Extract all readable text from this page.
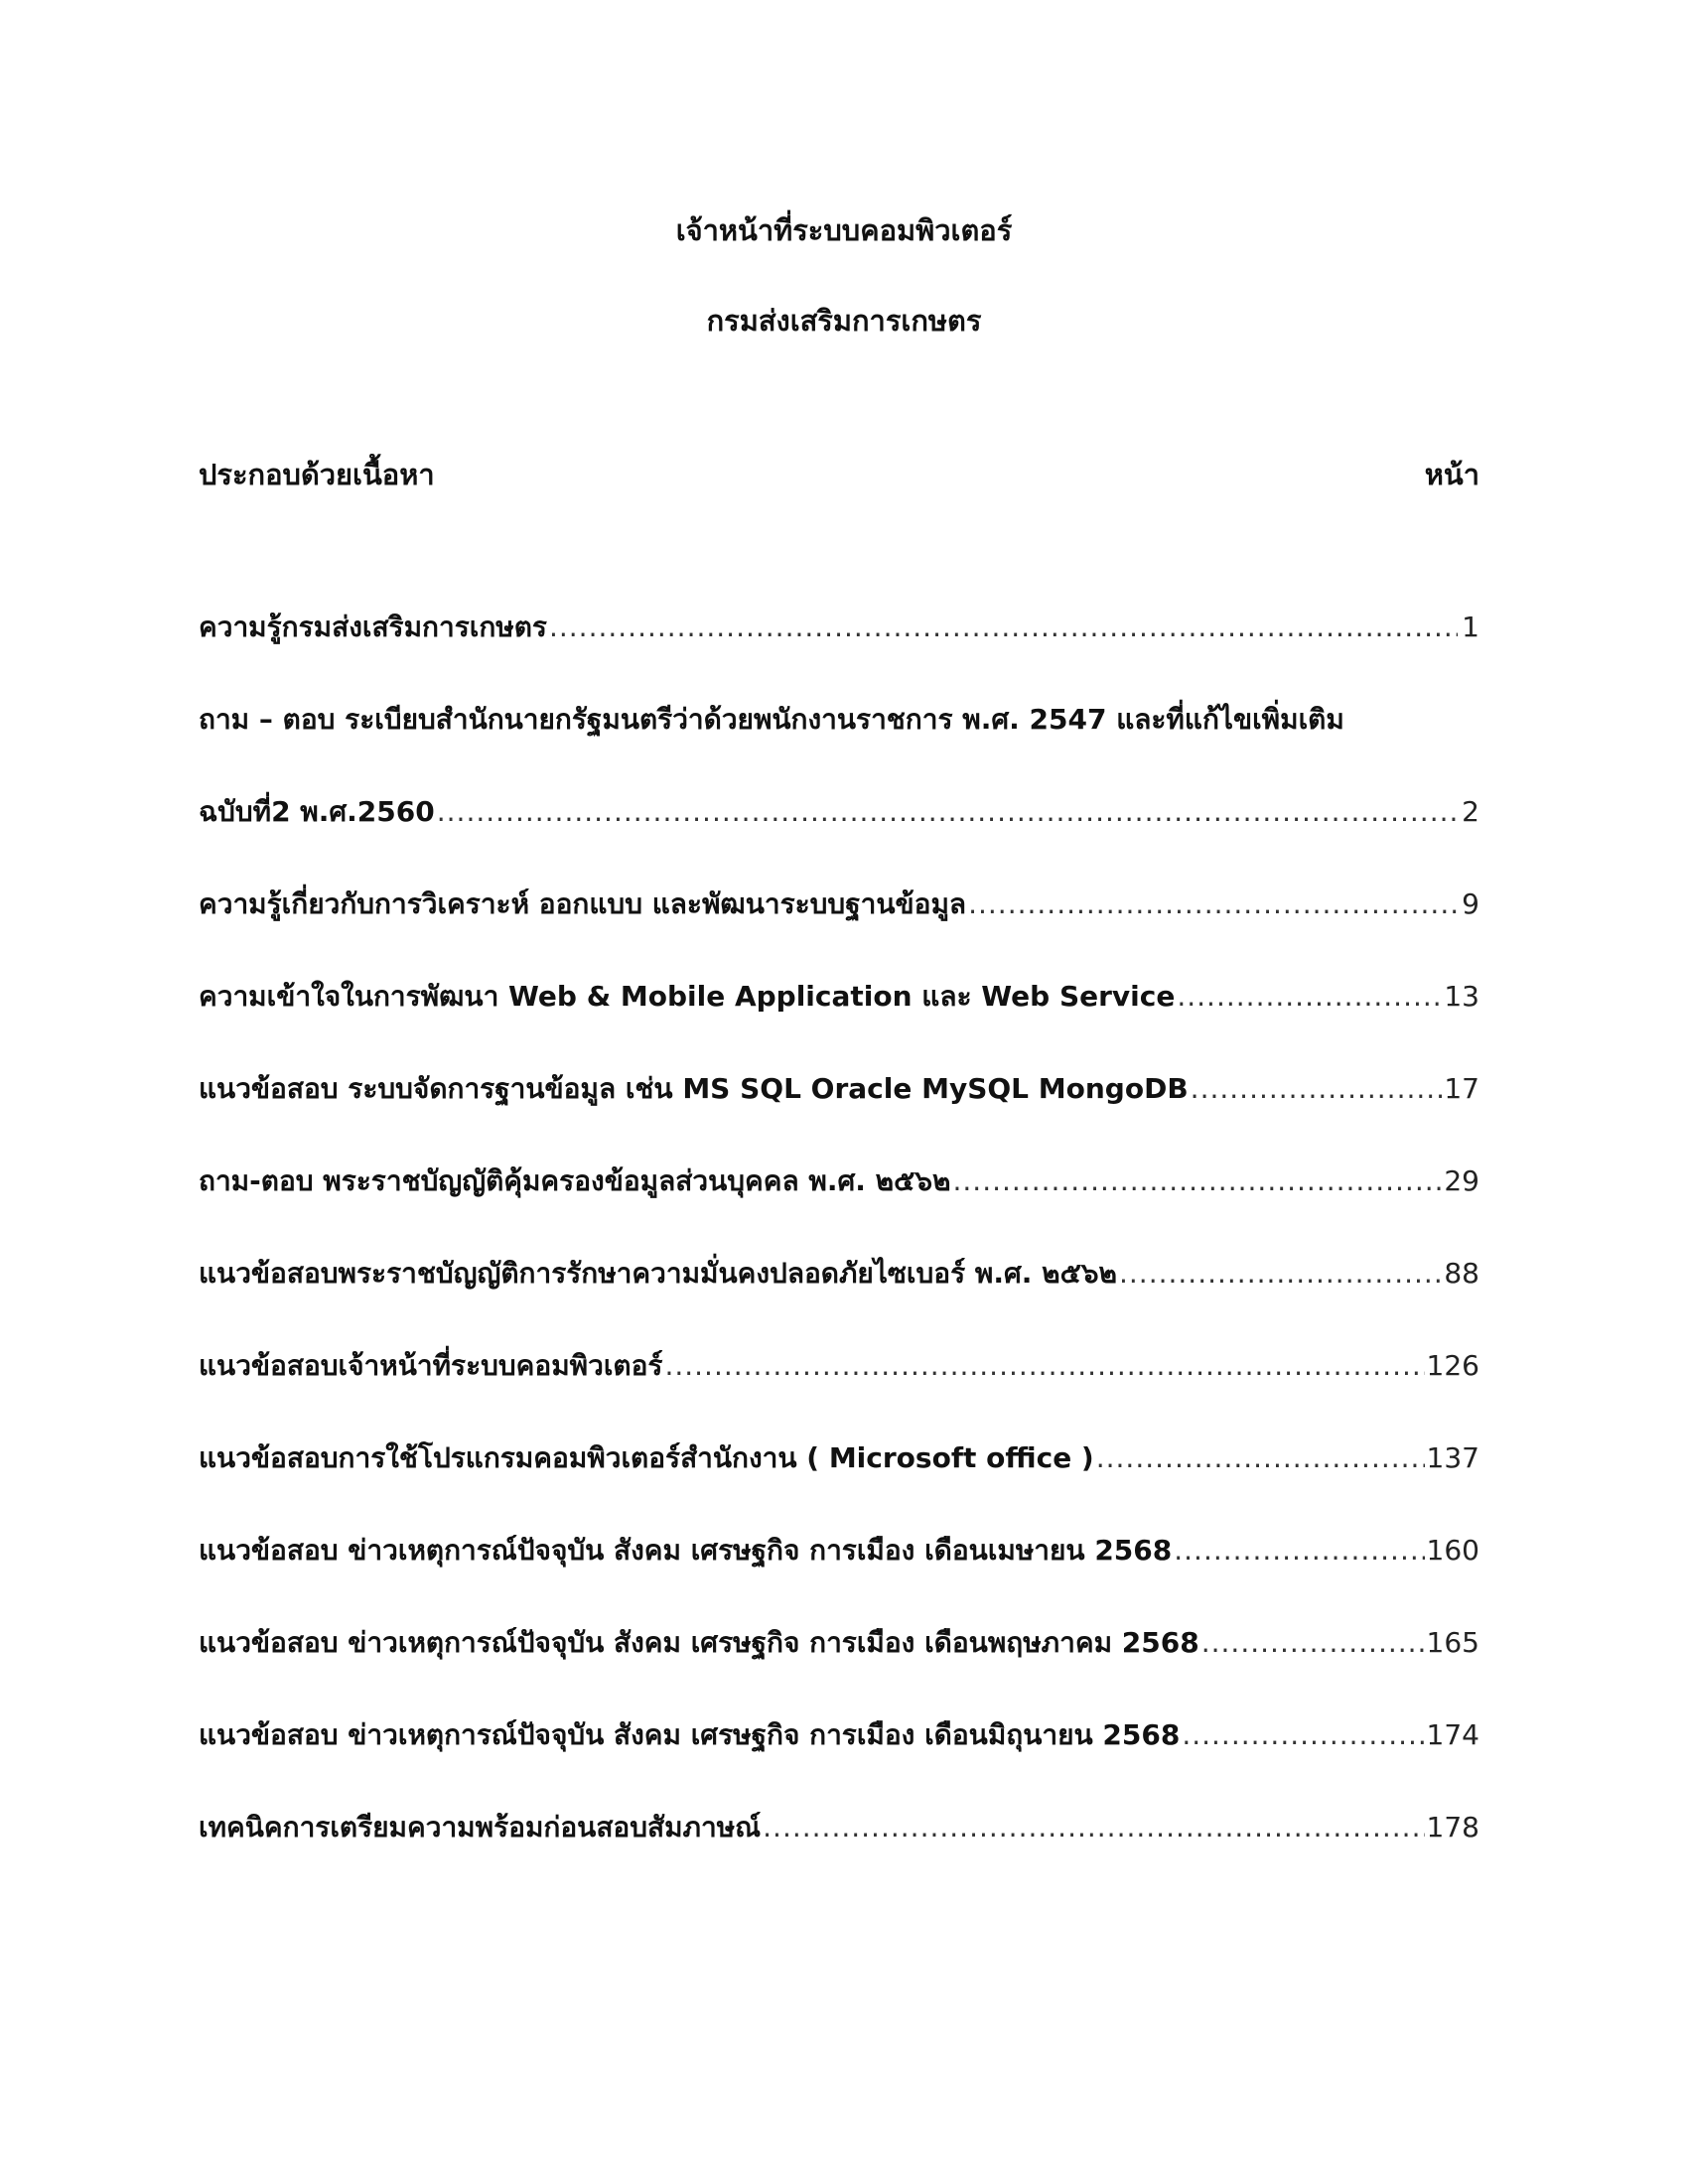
เจ้าหน้าที่ระบบคอมพิวเตอร์
กรมส่งเสริมการเกษตร
ประกอบด้วยเนื้อหา	หน้า
ความรู้กรมส่งเสริมการเกษตร .....	1
ถาม – ตอบ ระเบียบสำนักนายกรัฐมนตรีว่าด้วยพนักงานราชการ พ.ศ. 2547 และที่แก้ไขเพิ่มเติม
ฉบับที่2 พ.ศ.2560 .....	2
ความรู้เกี่ยวกับการวิเคราะห์ ออกแบบ และพัฒนาระบบฐานข้อมูล .....	9
ความเข้าใจในการพัฒนา Web & Mobile Application และ Web Service .....	13
แนวข้อสอบ ระบบจัดการฐานข้อมูล เช่น MS SQL Oracle MySQL MongoDB .....	17
ถาม-ตอบ พระราชบัญญัติคุ้มครองข้อมูลส่วนบุคคล พ.ศ. ๒๕๖๒ .....	29
แนวข้อสอบพระราชบัญญัติการรักษาความมั่นคงปลอดภัยไซเบอร์ พ.ศ. ๒๕๖๒ .....	88
แนวข้อสอบเจ้าหน้าที่ระบบคอมพิวเตอร์ .....	126
แนวข้อสอบการใช้โปรแกรมคอมพิวเตอร์สำนักงาน ( Microsoft office ) .....	137
แนวข้อสอบ ข่าวเหตุการณ์ปัจจุบัน สังคม เศรษฐกิจ การเมือง เดือนเมษายน 2568 .....	160
แนวข้อสอบ ข่าวเหตุการณ์ปัจจุบัน สังคม เศรษฐกิจ การเมือง เดือนพฤษภาคม 2568 .....	165
แนวข้อสอบ ข่าวเหตุการณ์ปัจจุบัน สังคม เศรษฐกิจ การเมือง เดือนมิถุนายน 2568 .....	174
เทคนิคการเตรียมความพร้อมก่อนสอบสัมภาษณ์ .....	178
